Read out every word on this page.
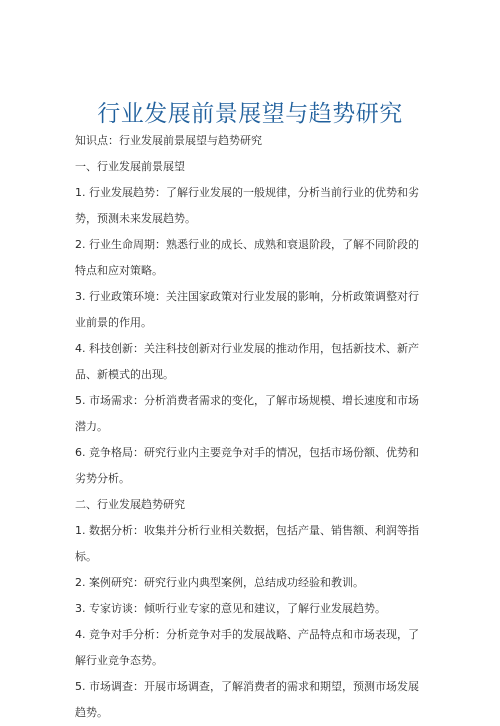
行业发展前景展望与趋势研究

知识点：行业发展前景展望与趋势研究

一、行业发展前景展望

1. 行业发展趋势：了解行业发展的一般规律，分析当前行业的优势和劣势，预测未来发展趋势。

2. 行业生命周期：熟悉行业的成长、成熟和衰退阶段，了解不同阶段的特点和应对策略。

3. 行业政策环境：关注国家政策对行业发展的影响，分析政策调整对行业前景的作用。

4. 科技创新：关注科技创新对行业发展的推动作用，包括新技术、新产品、新模式的出现。

5. 市场需求：分析消费者需求的变化，了解市场规模、增长速度和市场潜力。

6. 竞争格局：研究行业内主要竞争对手的情况，包括市场份额、优势和劣势分析。

二、行业发展趋势研究

1. 数据分析：收集并分析行业相关数据，包括产量、销售额、利润等指标。

2. 案例研究：研究行业内典型案例，总结成功经验和教训。

3. 专家访谈：倾听行业专家的意见和建议，了解行业发展趋势。

4. 竞争对手分析：分析竞争对手的发展战略、产品特点和市场表现，了解行业竞争态势。

5. 市场调查：开展市场调查，了解消费者的需求和期望，预测市场发展趋势。
